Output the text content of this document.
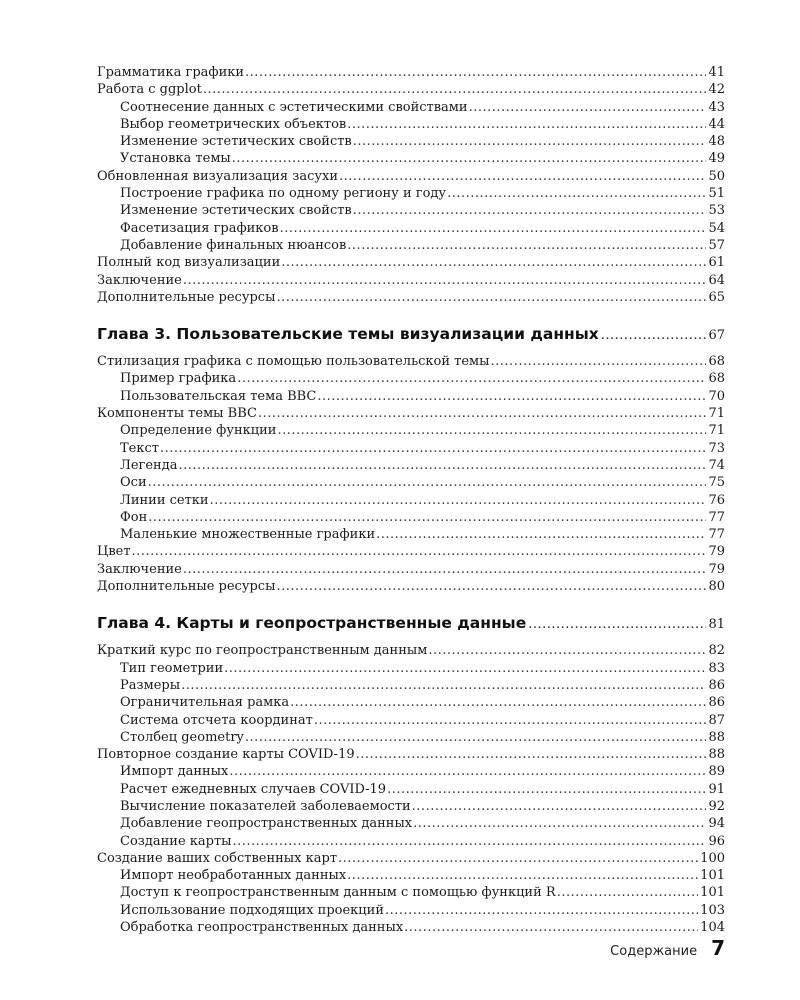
Грамматика графики .....	41
Работа с ggplot .....	42
Соотнесение данных с эстетическими свойствами .....	43
Выбор геометрических объектов .....	44
Изменение эстетических свойств .....	48
Установка темы .....	49
Обновленная визуализация засухи .....	50
Построение графика по одному региону и году .....	51
Изменение эстетических свойств .....	53
Фасетизация графиков .....	54
Добавление финальных нюансов .....	57
Полный код визуализации .....	61
Заключение .....	64
Дополнительные ресурсы .....	65
Глава 3. Пользовательские темы визуализации данных .....	67
Стилизация графика с помощью пользовательской темы .....	68
Пример графика .....	68
Пользовательская тема BBC .....	70
Компоненты темы BBC .....	71
Определение функции .....	71
Текст .....	73
Легенда .....	74
Оси .....	75
Линии сетки .....	76
Фон .....	77
Маленькие множественные графики .....	77
Цвет .....	79
Заключение .....	79
Дополнительные ресурсы .....	80
Глава 4. Карты и геопространственные данные .....	81
Краткий курс по геопространственным данным .....	82
Тип геометрии .....	83
Размеры .....	86
Ограничительная рамка .....	86
Система отсчета координат .....	87
Столбец geometry .....	88
Повторное создание карты COVID-19 .....	88
Импорт данных .....	89
Расчет ежедневных случаев COVID-19 .....	91
Вычисление показателей заболеваемости .....	92
Добавление геопространственных данных .....	94
Создание карты .....	96
Создание ваших собственных карт .....	100
Импорт необработанных данных .....	101
Доступ к геопространственным данным с помощью функций R .....	101
Использование подходящих проекций .....	103
Обработка геопространственных данных .....	104
Содержание 7
